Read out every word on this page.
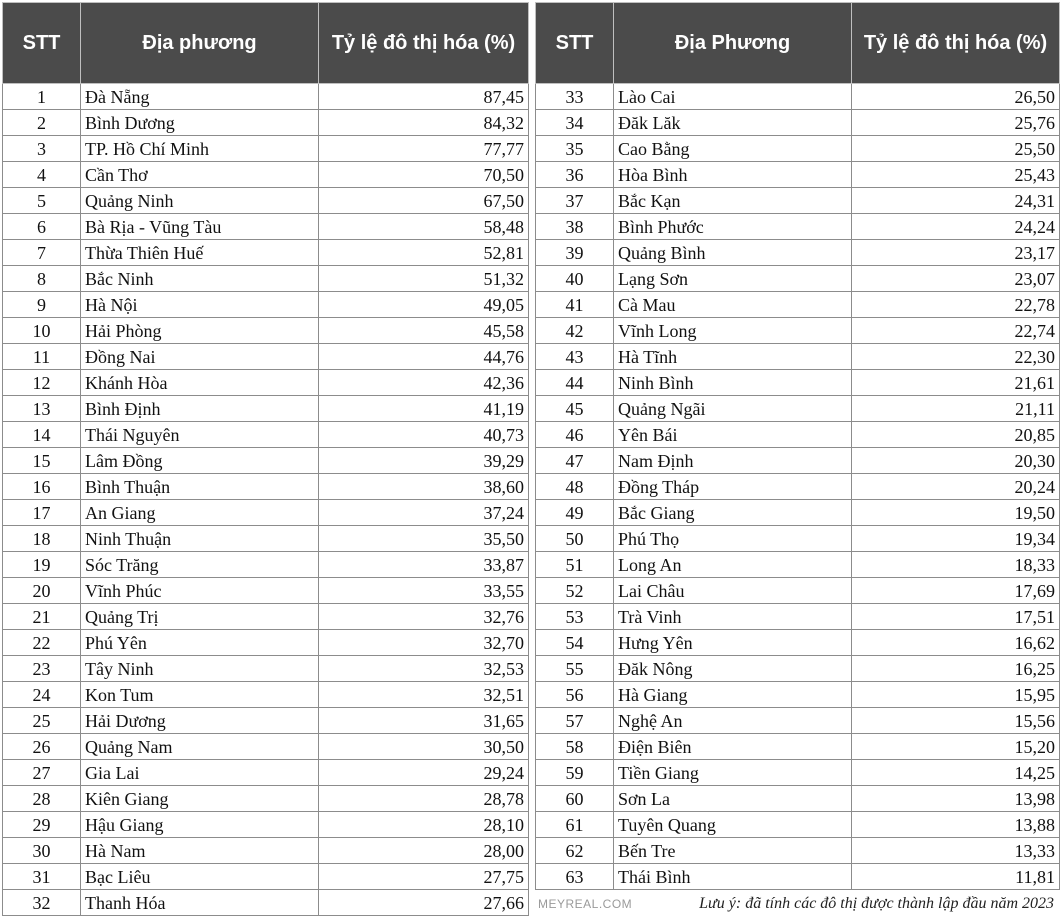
STT	Địa phương	Tỷ lệ đô thị hóa (%)
1	Đà Nẵng	87,45
2	Bình Dương	84,32
3	TP. Hồ Chí Minh	77,77
4	Cần Thơ	70,50
5	Quảng Ninh	67,50
6	Bà Rịa - Vũng Tàu	58,48
7	Thừa Thiên Huế	52,81
8	Bắc Ninh	51,32
9	Hà Nội	49,05
10	Hải Phòng	45,58
11	Đồng Nai	44,76
12	Khánh Hòa	42,36
13	Bình Định	41,19
14	Thái Nguyên	40,73
15	Lâm Đồng	39,29
16	Bình Thuận	38,60
17	An Giang	37,24
18	Ninh Thuận	35,50
19	Sóc Trăng	33,87
20	Vĩnh Phúc	33,55
21	Quảng Trị	32,76
22	Phú Yên	32,70
23	Tây Ninh	32,53
24	Kon Tum	32,51
25	Hải Dương	31,65
26	Quảng Nam	30,50
27	Gia Lai	29,24
28	Kiên Giang	28,78
29	Hậu Giang	28,10
30	Hà Nam	28,00
31	Bạc Liêu	27,75
32	Thanh Hóa	27,66
STT	Địa Phương	Tỷ lệ đô thị hóa (%)
33	Lào Cai	26,50
34	Đăk Lăk	25,76
35	Cao Bằng	25,50
36	Hòa Bình	25,43
37	Bắc Kạn	24,31
38	Bình Phước	24,24
39	Quảng Bình	23,17
40	Lạng Sơn	23,07
41	Cà Mau	22,78
42	Vĩnh Long	22,74
43	Hà Tĩnh	22,30
44	Ninh Bình	21,61
45	Quảng Ngãi	21,11
46	Yên Bái	20,85
47	Nam Định	20,30
48	Đồng Tháp	20,24
49	Bắc Giang	19,50
50	Phú Thọ	19,34
51	Long An	18,33
52	Lai Châu	17,69
53	Trà Vinh	17,51
54	Hưng Yên	16,62
55	Đăk Nông	16,25
56	Hà Giang	15,95
57	Nghệ An	15,56
58	Điện Biên	15,20
59	Tiền Giang	14,25
60	Sơn La	13,98
61	Tuyên Quang	13,88
62	Bến Tre	13,33
63	Thái Bình	11,81
MEYREAL.COM	Lưu ý: đã tính các đô thị được thành lập đầu năm 2023
